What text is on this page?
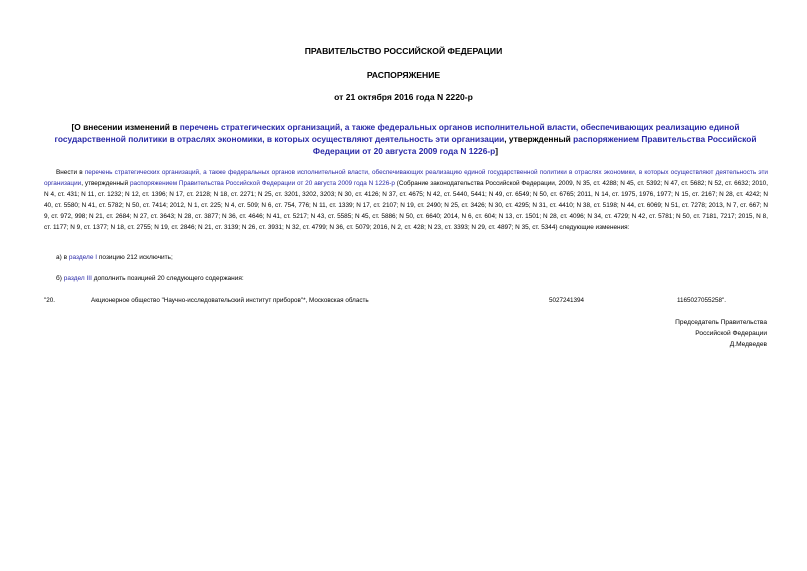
ПРАВИТЕЛЬСТВО РОССИЙСКОЙ ФЕДЕРАЦИИ
РАСПОРЯЖЕНИЕ
от 21 октября 2016 года N 2220-р
[О внесении изменений в перечень стратегических организаций, а также федеральных органов исполнительной власти, обеспечивающих реализацию единой государственной политики в отраслях экономики, в которых осуществляют деятельность эти организации, утвержденный распоряжением Правительства Российской Федерации от 20 августа 2009 года N 1226-р]
Внести в перечень стратегических организаций, а также федеральных органов исполнительной власти, обеспечивающих реализацию единой государственной политики в отраслях экономики, в которых осуществляют деятельность эти организации, утвержденный распоряжением Правительства Российской Федерации от 20 августа 2009 года N 1226-р (Собрание законодательства Российской Федерации, 2009, N 35, ст. 4288; N 45, ст. 5392; N 47, ст. 5682; N 52, ст. 6632; 2010, N 4, ст. 431; N 11, ст. 1232; N 12, ст. 1396; N 17, ст. 2128; N 18, ст. 2271; N 25, ст. 3201, 3202, 3203; N 30, ст. 4126; N 37, ст. 4675; N 42, ст. 5440, 5441; N 49, ст. 6549; N 50, ст. 6765; 2011, N 14, ст. 1975, 1976, 1977; N 15, ст. 2167; N 28, ст. 4242; N 40, ст. 5580; N 41, ст. 5782; N 50, ст. 7414; 2012, N 1, ст. 225; N 4, ст. 509; N 6, ст. 754, 776; N 11, ст. 1339; N 17, ст. 2107; N 19, ст. 2490; N 25, ст. 3426; N 30, ст. 4295; N 31, ст. 4410; N 38, ст. 5198; N 44, ст. 6069; N 51, ст. 7278; 2013, N 7, ст. 667; N 9, ст. 972, 998; N 21, ст. 2684; N 27, ст. 3643; N 28, ст. 3877; N 36, ст. 4646; N 41, ст. 5217; N 43, ст. 5585; N 45, ст. 5886; N 50, ст. 6640; 2014, N 6, ст. 604; N 13, ст. 1501; N 28, ст. 4096; N 34, ст. 4729; N 42, ст. 5781; N 50, ст. 7181, 7217; 2015, N 8, ст. 1177; N 9, ст. 1377; N 18, ст. 2755; N 19, ст. 2846; N 21, ст. 3139; N 26, ст. 3931; N 32, ст. 4799; N 36, ст. 5079; 2016, N 2, ст. 428; N 23, ст. 3393; N 29, ст. 4897; N 35, ст. 5344) следующие изменения:
а) в разделе I позицию 212 исключить;
б) раздел III дополнить позицией 20 следующего содержания:
"20.	Акционерное общество "Научно-исследовательский институт приборов"*, Московская область	5027241394	1165027055258".
Председатель Правительства
Российской Федерации
Д.Медведев
